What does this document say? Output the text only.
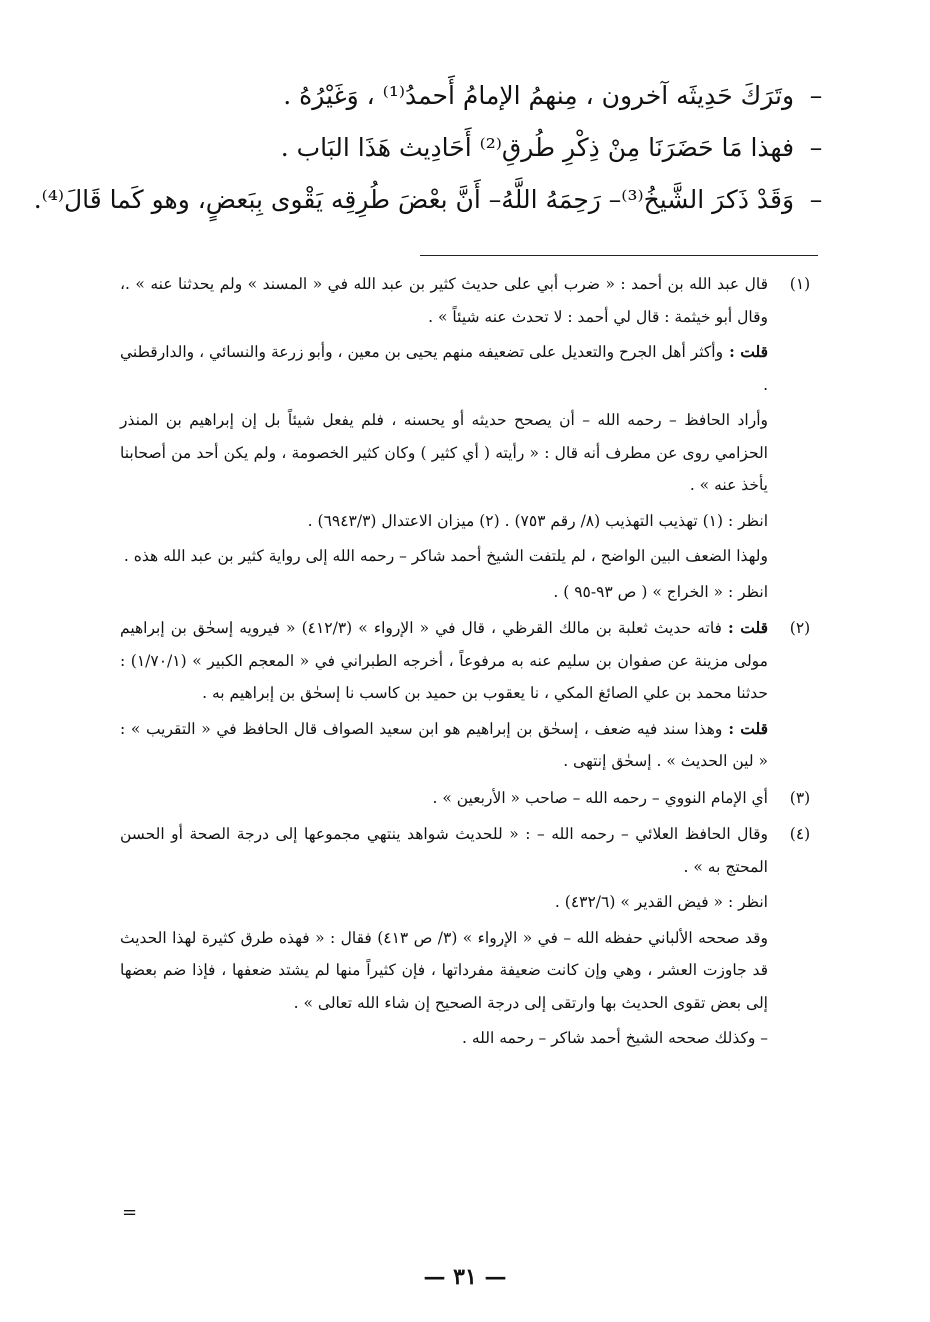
– وتَرَكَ حَدِيثَه آخرون ، مِنهمُ الإمامُ أَحمدُ⁽¹⁾ ، وَغَيْرُهُ .
– فهذا مَا حَضَرَنَا مِنْ ذِكْرِ طُرقِ⁽²⁾ أَحَادِيث هَذَا البَاب .
– وَقَدْ ذَكرَ الشَّيخُ⁽³⁾– رَحِمَهُ اللَّهُ– أَنَّ بعْضَ طُرِقِه يَقْوى بِبَعضٍ، وهو كَما قَالَ⁽⁴⁾.
(١)

قال عبد الله بن أحمد : « ضرب أبي على حديث كثير بن عبد الله في « المسند » ولم يحدثنا عنه » .، وقال أبو خيثمة : قال لي أحمد : لا تحدث عنه شيئاً » .

قلت :وأكثر أهل الجرح والتعديل على تضعيفه منهم يحيى بن معين ، وأبو زرعة والنسائي ، والدارقطني .

وأراد الحافظ – رحمه الله – أن يصحح حديثه أو يحسنه ، فلم يفعل شيئاً بل إن إبراهيم بن المنذر الحزامي روى عن مطرف أنه قال : « رأيته ( أي كثير ) وكان كثير الخصومة ، ولم يكن أحد من أصحابنا يأخذ عنه » .

انظر : (١) تهذيب التهذيب (٨/ رقم ٧٥٣) . (٢) ميزان الاعتدال (٦٩٤٣/٣) .

ولهذا الضعف البين الواضح ، لم يلتفت الشيخ أحمد شاكر – رحمه الله إلى رواية كثير بن عبد الله هذه .

انظر : « الخراج » ( ص ٩٣-٩٥ ) .

(٢)

قلت :فاته حديث ثعلبة بن مالك القرظي ، قال في « الإرواء » (٤١٢/٣) « فيرويه إسحٰق بن إبراهيم مولى مزينة عن صفوان بن سليم عنه به مرفوعاً ، أخرجه الطبراني في « المعجم الكبير » (١/٧٠/١) : حدثنا محمد بن علي الصائغ المكي ، نا يعقوب بن حميد بن كاسب نا إسحٰق بن إبراهيم به .

قلت :وهذا سند فيه ضعف ، إسحٰق بن إبراهيم هو ابن سعيد الصواف قال الحافظ في « التقريب » : « لين الحديث » . إسحٰق إنتهى .

(٣)

أي الإمام النووي – رحمه الله – صاحب « الأربعين » .

(٤)

وقال الحافظ العلائي – رحمه الله – : « للحديث شواهد ينتهي مجموعها إلى درجة الصحة أو الحسن المحتج به » .

انظر : « فيض القدير » (٤٣٢/٦) .

وقد صححه الألباني حفظه الله – في « الإرواء » (٣/ ص ٤١٣) فقال : « فهذه طرق كثيرة لهذا الحديث قد جاوزت العشر ، وهي وإن كانت ضعيفة مفرداتها ، فإن كثيراً منها لم يشتد ضعفها ، فإذا ضم بعضها إلى بعض تقوى الحديث بها وارتقى إلى درجة الصحيح إن شاء الله تعالى » .

– وكذلك صححه الشيخ أحمد شاكر – رحمه الله .

=
— ٣١ —
